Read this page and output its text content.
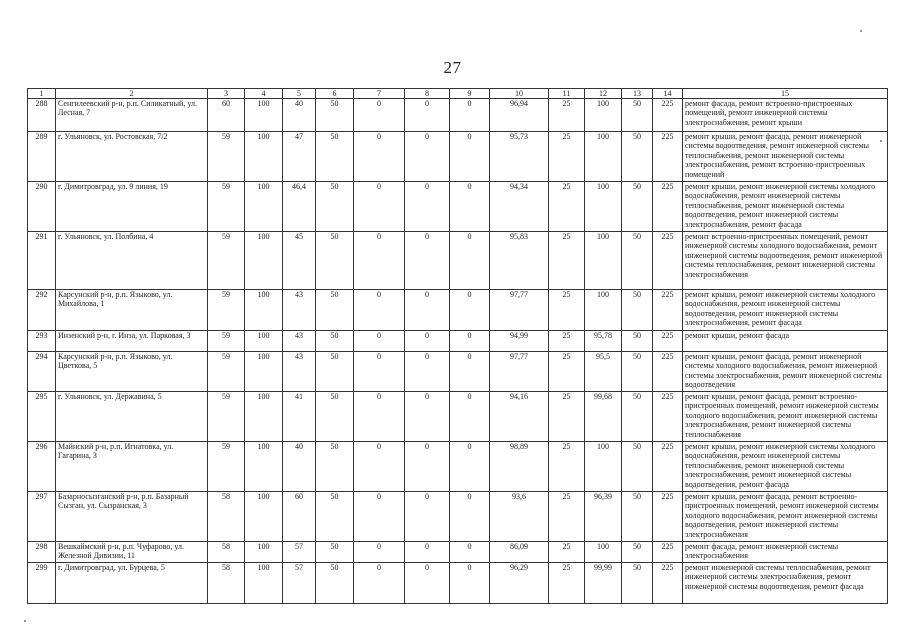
27
1	2	3	4	5	6	7	8	9	10	11	12	13	14	15
288	Сенгилеевский р-н, р.п. Силикатный, ул. Лесная, 7	60	100	40	50	0	0	0	96,94	25	100	50	225	ремонт фасада, ремонт встроенно-пристроенных помещений, ремонт инженерной системы электроснабжения, ремонт крыши
289	г. Ульяновск, ул. Ростовская, 7/2	59	100	47	50	0	0	0	95,73	25	100	50	225	ремонт крыши, ремонт фасада, ремонт инженерной системы водоотведения, ремонт инженерной системы теплоснабжения, ремонт инженерной системы электроснабжения, ремонт встроенно-пристроенных помещений
290	г. Димитровград, ул. 9 линия, 19	59	100	46,4	50	0	0	0	94,34	25	100	50	225	ремонт крыши, ремонт инженерной системы холодного водоснабжения, ремонт инженерной системы теплоснабжения, ремонт инженерной системы водоотведения, ремонт инженерной системы электроснабжения, ремонт фасада
291	г. Ульяновск, ул. Полбина, 4	59	100	45	50	0	0	0	95,83	25	100	50	225	ремонт встроенно-пристроенных помещений, ремонт инженерной системы холодного водоснабжения, ремонт инженерной системы водоотведения, ремонт инженерной системы теплоснабжения, ремонт инженерной системы электроснабжения
292	Карсунский р-н, р.п. Языково, ул. Михайлова, 1	59	100	43	50	0	0	0	97,77	25	100	50	225	ремонт крыши, ремонт инженерной системы холодного водоснабжения, ремонт инженерной системы водоотведения, ремонт инженерной системы электроснабжения, ремонт фасада
293	Инзенский р-н, г. Инза, ул. Парковая, 3	59	100	43	50	0	0	0	94,99	25	95,78	50	225	ремонт крыши, ремонт фасада
294	Карсунский р-н, р.п. Языково, ул. Цветкова, 5	59	100	43	50	0	0	0	97,77	25	95,5	50	225	ремонт крыши, ремонт фасада, ремонт инженерной системы холодного водоснабжения, ремонт инженерной системы электроснабжения, ремонт инженерной системы водоотведения
295	г. Ульяновск, ул. Державина, 5	59	100	41	50	0	0	0	94,16	25	99,68	50	225	ремонт крыши, ремонт фасада, ремонт встроенно-пристроенных помещений, ремонт инженерной системы холодного водоснабжения, ремонт инженерной системы электроснабжения, ремонт инженерной системы теплоснабжения
296	Майнский р-н, р.п. Игнатовка, ул. Гагарина, 3	59	100	40	50	0	0	0	98,89	25	100	50	225	ремонт крыши, ремонт инженерной системы холодного водоснабжения, ремонт инженерной системы теплоснабжения, ремонт инженерной системы электроснабжения, ремонт инженерной системы водоотведения, ремонт фасада
297	Базарносызганский р-н, р.п. Базарный Сызган, ул. Сызранская, 3	58	100	60	50	0	0	0	93,6	25	96,39	50	225	ремонт крыши, ремонт фасада, ремонт встроенно-пристроенных помещений, ремонт инженерной системы холодного водоснабжения, ремонт инженерной системы водоотведения, ремонт инженерной системы электроснабжения
298	Вешкаймский р-н, р.п. Чуфарово, ул. Железной Дивизии, 11	58	100	57	50	0	0	0	86,09	25	100	50	225	ремонт фасада, ремонт инженерной системы электроснабжения
299	г. Димитровград, ул. Бурцева, 5	58	100	57	50	0	0	0	96,29	25	99,99	50	225	ремонт инженерной системы теплоснабжения, ремонт инженерной системы электроснабжения, ремонт инженерной системы водоотведения, ремонт фасада
